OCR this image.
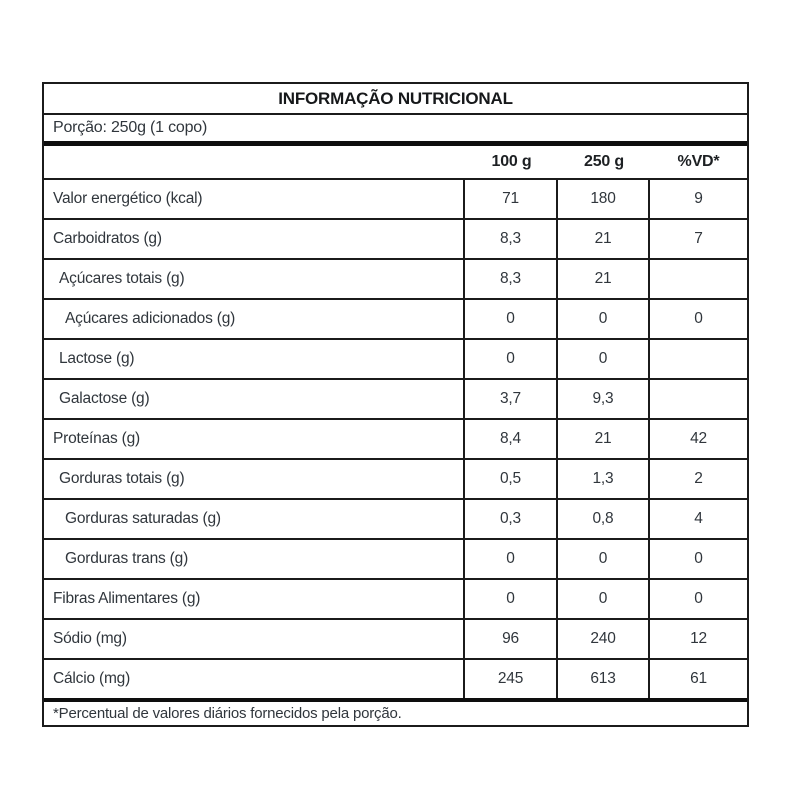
INFORMAÇÃO NUTRICIONAL
Porção: 250g (1 copo)
100 g	250 g	%VD*
Valor energético (kcal)	71	180	9
Carboidratos (g)	8,3	21	7
Açúcares totais (g)	8,3	21
Açúcares adicionados (g)	0	0	0
Lactose (g)	0	0
Galactose (g)	3,7	9,3
Proteínas (g)	8,4	21	42
Gorduras totais (g)	0,5	1,3	2
Gorduras saturadas (g)	0,3	0,8	4
Gorduras trans (g)	0	0	0
Fibras Alimentares (g)	0	0	0
Sódio (mg)	96	240	12
Cálcio (mg)	245	613	61
*Percentual de valores diários fornecidos pela porção.
